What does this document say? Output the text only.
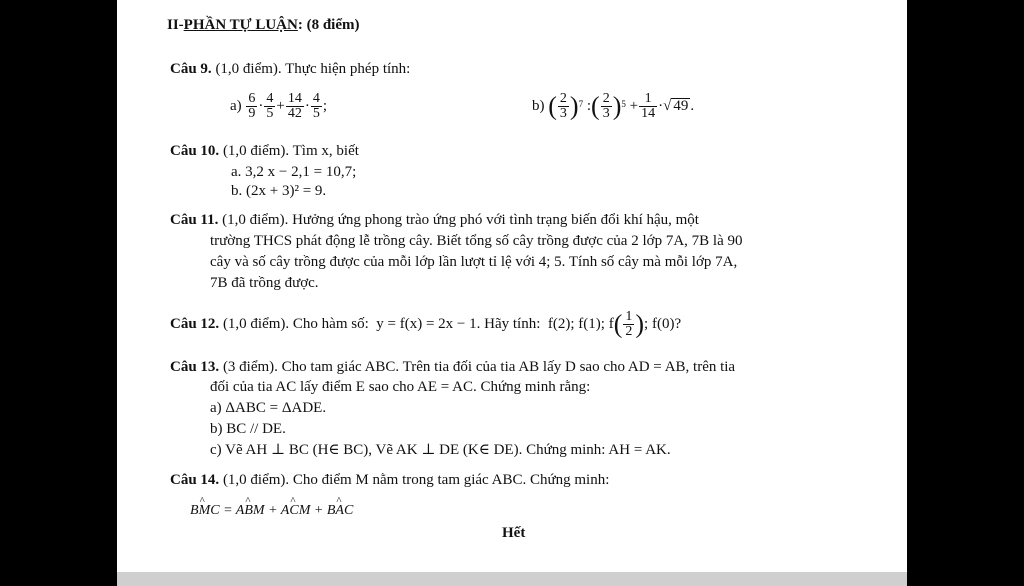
II-PHẦN TỰ LUẬN: (8 điểm)
Câu 9. (1,0 điểm). Thực hiện phép tính:
$a) \frac{6}{9} \cdot \frac{4}{5} + \frac{14}{42} \cdot \frac{4}{5}$ ;	b) ( $\frac{2}{3} )^7$ :( $\frac{2}{3} )^5 + \frac{1}{14}$ ·√ 49 .
Câu 10. (1,0 điểm). Tìm x, biết
a. 3,2 x − 2,1 = 10,7;
b. (2x + 3)² = 9.
Câu 11. (1,0 điểm). Hưởng ứng phong trào ứng phó với tình trạng biến đổi khí hậu, một
trường THCS phát động lễ trồng cây. Biết tổng số cây trồng được của 2 lớp 7A, 7B là 90
cây và số cây trồng được của mỗi lớp lần lượt tỉ lệ với 4; 5. Tính số cây mà mỗi lớp 7A,
7B đã trồng được.
Câu 12. (1,0 điểm). Cho hàm số: y = f(x) = 2x − 1. Hãy tính: f(2); f(1); $f( \frac{1}{2}$ ); f(0)?
Câu 13. (3 điểm). Cho tam giác ABC. Trên tia đối của tia AB lấy D sao cho AD = AB, trên tia
đối của tia AC lấy điểm E sao cho AE = AC. Chứng minh rằng:
a) ΔABC = ΔADE.
b) BC // DE.
c) Vẽ AH ⊥ BC (H∈ BC), Vẽ AK ⊥ DE (K∈ DE). Chứng minh: AH = AK.
Câu 14. (1,0 điểm). Cho điểm M nằm trong tam giác ABC. Chứng minh:
B^ MC = A^ BM + A^ CM + B^ AC
Hết
